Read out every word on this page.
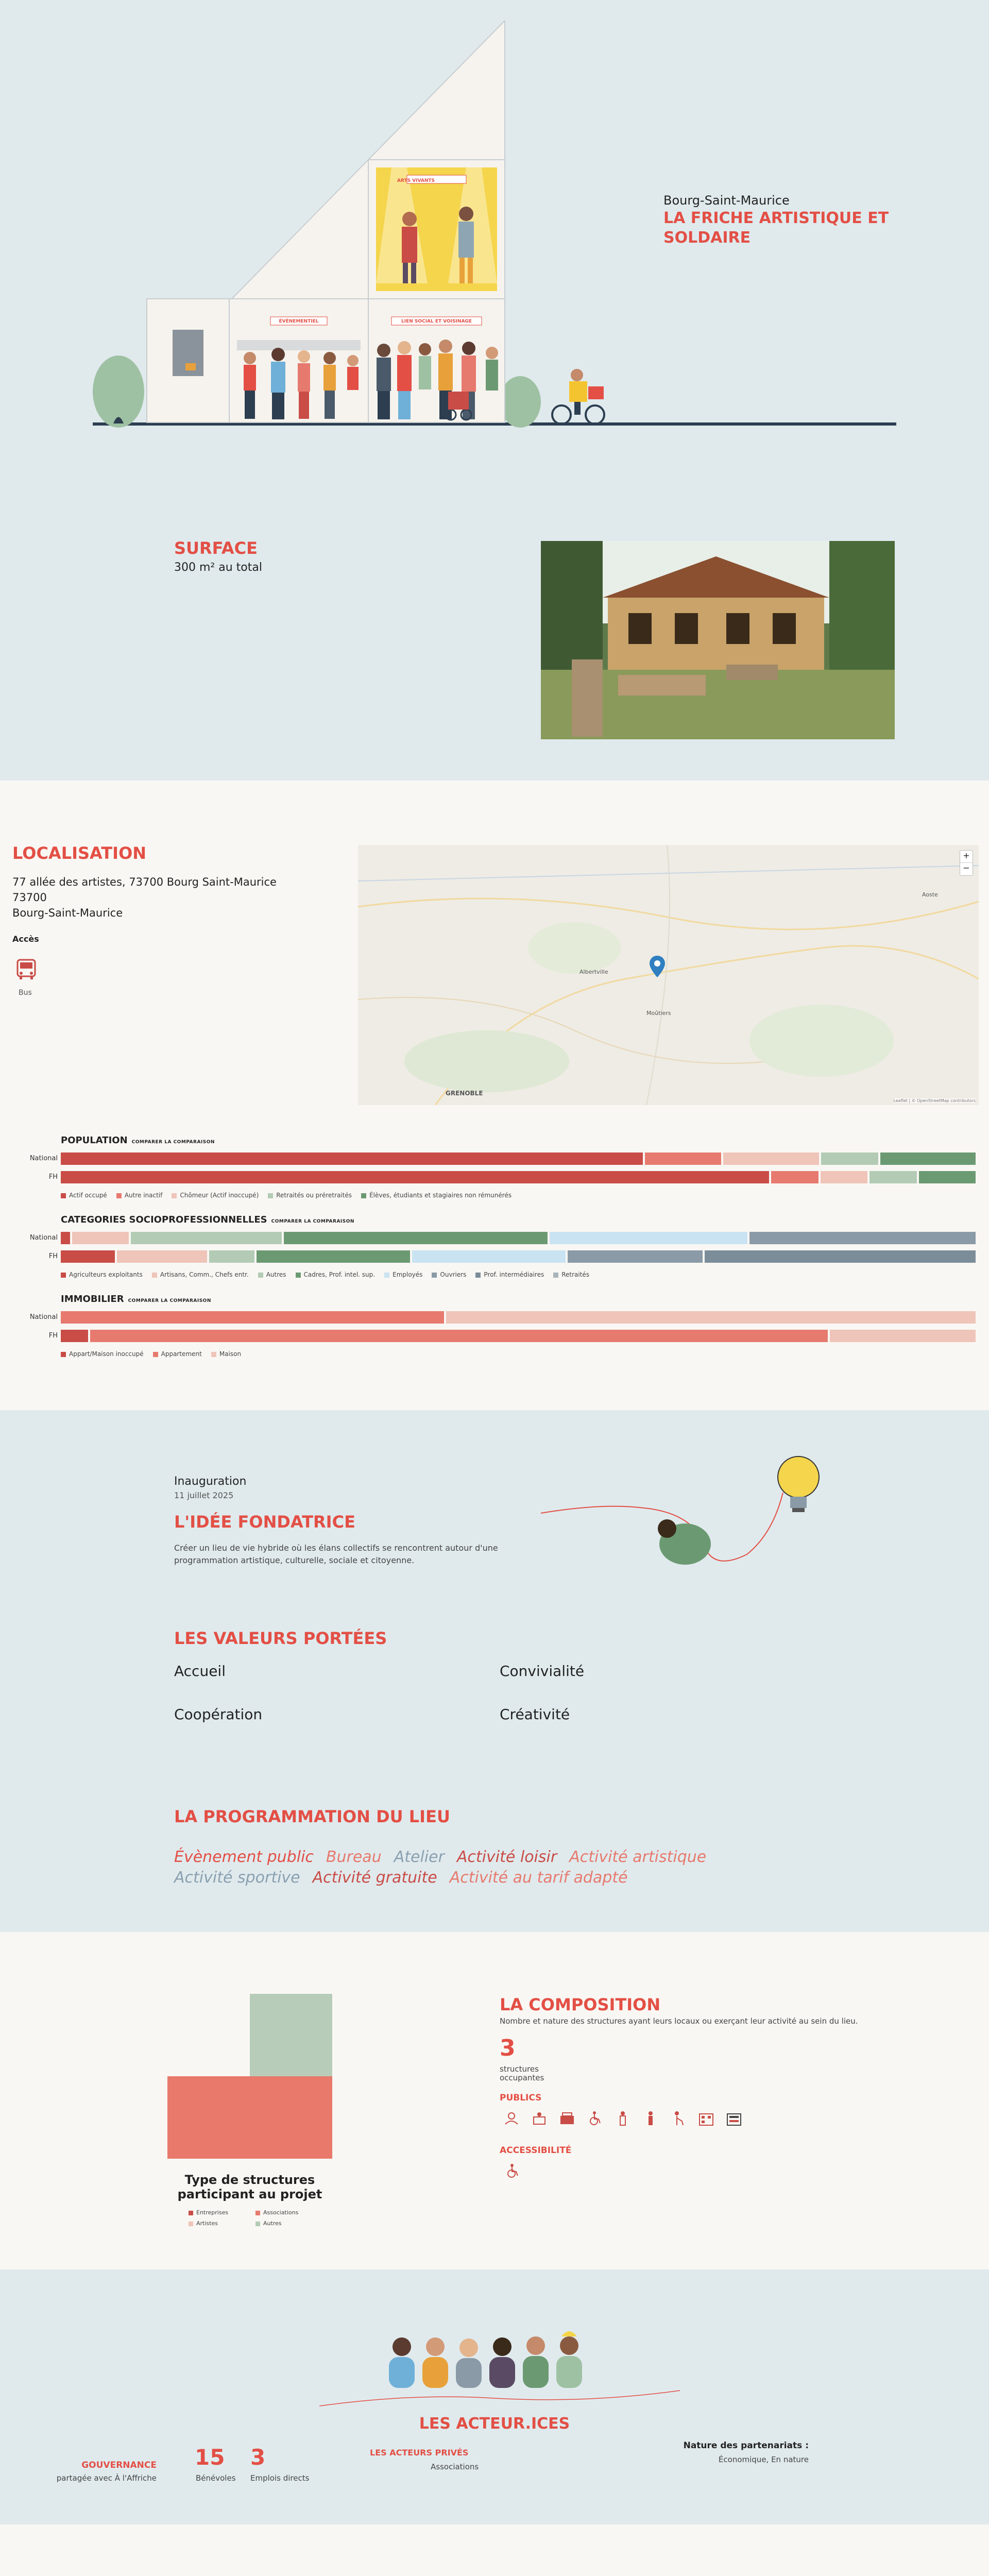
ARTS VIVANTS
ÉVÉNEMENTIEL	LIEN SOCIAL ET VOISINAGE
Bourg-Saint-Maurice
LA FRICHE ARTISTIQUE ET
SOLDAIRE
SURFACE
300 m² au total
LOCALISATION
77 allée des artistes, 73700 Bourg Saint-Maurice
73700
Bourg-Saint-Maurice
Accès
Bus
GRENOBLE
Aoste
Albertville
Moûtiers
+
−
Leaflet | © OpenStreetMap contributors
POPULATION COMPARER LA COMPARAISON
National
FH
Actif occupé	Autre inactif	Chômeur (Actif inoccupé)	Retraités ou préretraités	Élèves, étudiants et stagiaires non rémunérés
CATEGORIES SOCIOPROFESSIONNELLES COMPARER LA COMPARAISON
National
FH
Agriculteurs exploitants	Artisans, Comm., Chefs entr.	Autres	Cadres, Prof. intel. sup.	Employés	Ouvriers	Prof. intermédiaires	Retraités
IMMOBILIER COMPARER LA COMPARAISON
National
FH
Appart/Maison inoccupé	Appartement	Maison
Inauguration
11 juillet 2025
L'IDÉE FONDATRICE
Créer un lieu de vie hybride où les élans collectifs se rencontrent autour d'une
programmation artistique, culturelle, sociale et citoyenne.
LES VALEURS PORTÉES
Accueil	Convivialité
Coopération	Créativité
LA PROGRAMMATION DU LIEU
Évènement public Bureau Atelier Activité loisir Activité artistique
Activité sportive Activité gratuite Activité au tarif adapté
Type de structures
participant au projet
Entreprises	Associations
Artistes	Autres
LA COMPOSITION
Nombre et nature des structures ayant leurs locaux ou exerçant leur activité au sein du lieu.
3
structures
occupantes
PUBLICS
ACCESSIBILITÉ
LES ACTEUR.ICES
GOUVERNANCE
partagée avec À l'Affriche
15
Bénévoles
3
Emplois directs
LES ACTEURS PRIVÉS
Associations
Nature des partenariats :
Économique, En nature
